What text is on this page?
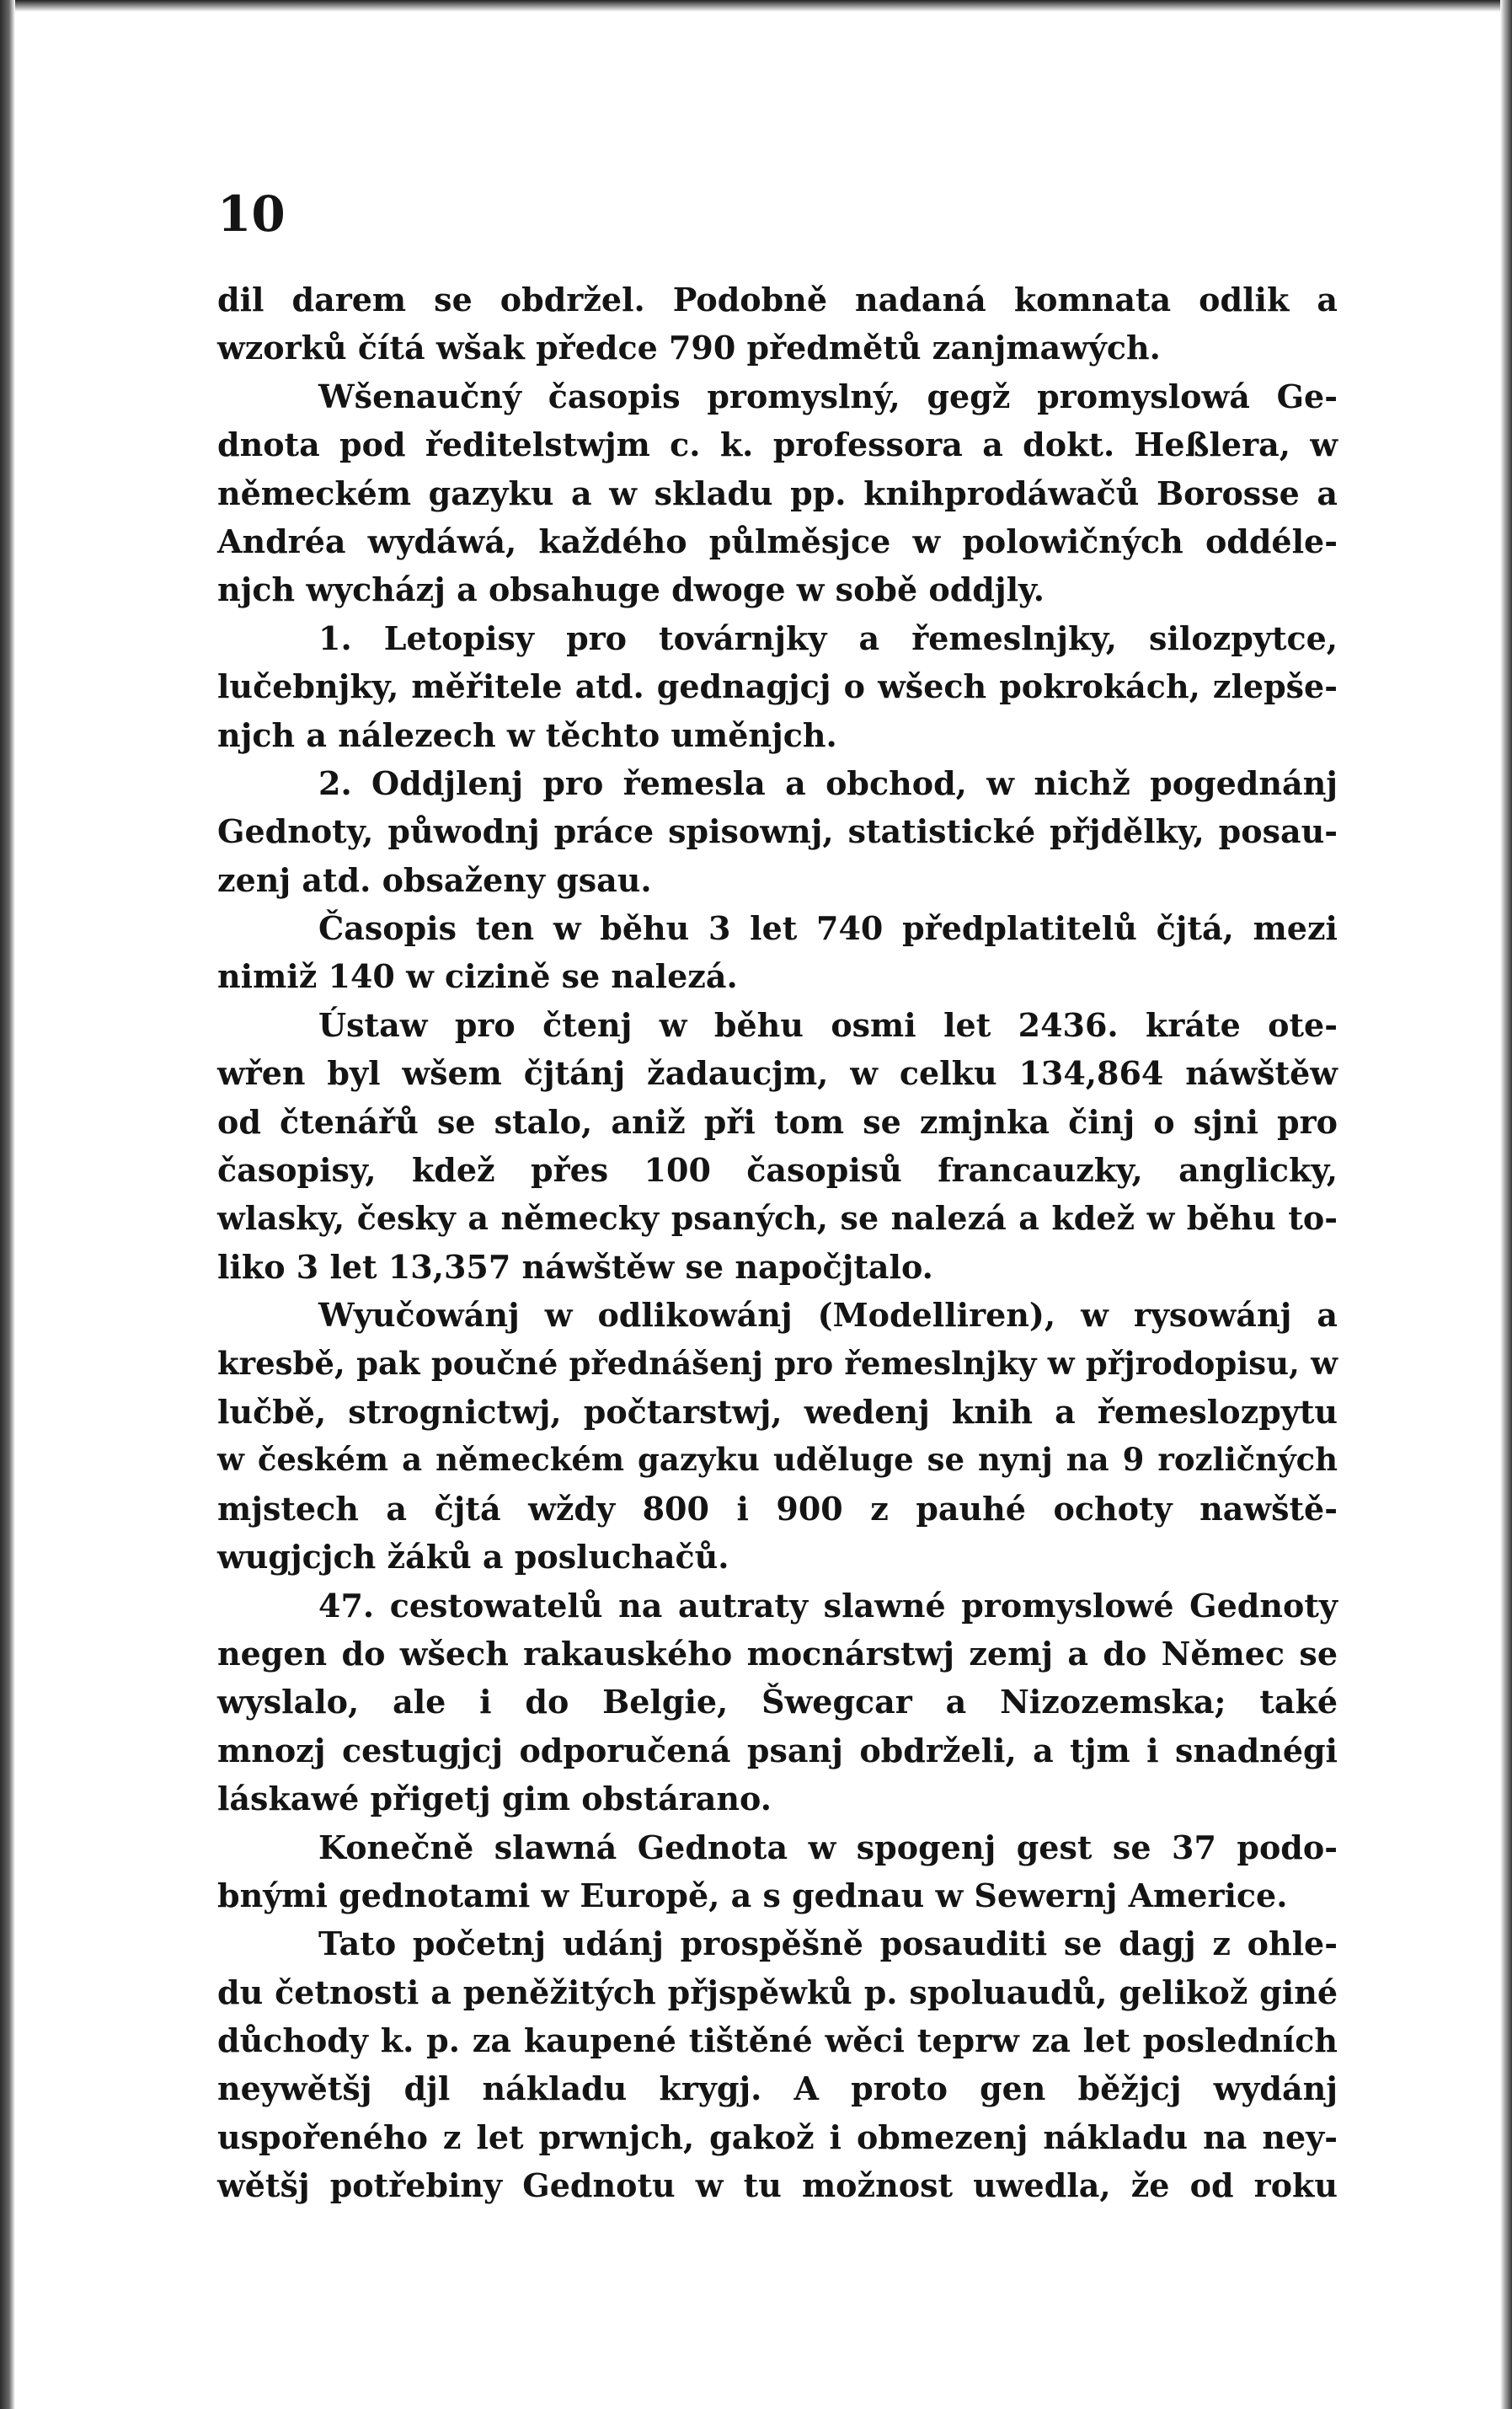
10
dil darem se obdržel. Podobně nadaná komnata odlik a
wzorků čítá wšak předce 790 předmětů zanjmawých.
Wšenaučný časopis promyslný, gegž promyslowá Ge-
dnota pod ředitelstwjm c. k. professora a dokt. Heßlera, w
německém gazyku a w skladu pp. knihprodáwačů Borosse a
Andréa wydáwá, každého půlměsjce w polowičných oddéle-
njch wycházj a obsahuge dwoge w sobě oddjly.
1. Letopisy pro továrnjky a řemeslnjky, silozpytce,
lučebnjky, měřitele atd. gednagjcj o wšech pokrokách, zlepše-
njch a nálezech w těchto uměnjch.
2. Oddjlenj pro řemesla a obchod, w nichž pogednánj
Gednoty, půwodnj práce spisownj, statistické přjdělky, posau-
zenj atd. obsaženy gsau.
Časopis ten w běhu 3 let 740 předplatitelů čjtá, mezi
nimiž 140 w cizině se nalezá.
Ústaw pro čtenj w běhu osmi let 2436. kráte ote-
wřen byl wšem čjtánj žadaucjm, w celku 134,864 náwštěw
od čtenářů se stalo, aniž při tom se zmjnka činj o sjni pro
časopisy, kdež přes 100 časopisů francauzky, anglicky,
wlasky, česky a německy psaných, se nalezá a kdež w běhu to-
liko 3 let 13,357 náwštěw se napočjtalo.
Wyučowánj w odlikowánj (Modelliren), w rysowánj a
kresbě, pak poučné přednášenj pro řemeslnjky w přjrodopisu, w
lučbě, strognictwj, počtarstwj, wedenj knih a řemeslozpytu
w českém a německém gazyku uděluge se nynj na 9 rozličných
mjstech a čjtá wždy 800 i 900 z pauhé ochoty nawště-
wugjcjch žáků a posluchačů.
47. cestowatelů na autraty slawné promyslowé Gednoty
negen do wšech rakauského mocnárstwj zemj a do Němec se
wyslalo, ale i do Belgie, Šwegcar a Nizozemska; také
mnozj cestugjcj odporučená psanj obdrželi, a tjm i snadnégi
láskawé přigetj gim obstárano.
Konečně slawná Gednota w spogenj gest se 37 podo-
bnými gednotami w Europě, a s gednau w Sewernj Americe.
Tato početnj udánj prospěšně posauditi se dagj z ohle-
du četnosti a peněžitých přjspěwků p. spoluaudů, gelikož giné
důchody k. p. za kaupené tištěné wěci teprw za let posledních
neywětšj djl nákladu krygj. A proto gen běžjcj wydánj
uspořeného z let prwnjch, gakož i obmezenj nákladu na ney-
wětšj potřebiny Gednotu w tu možnost uwedla, že od roku
